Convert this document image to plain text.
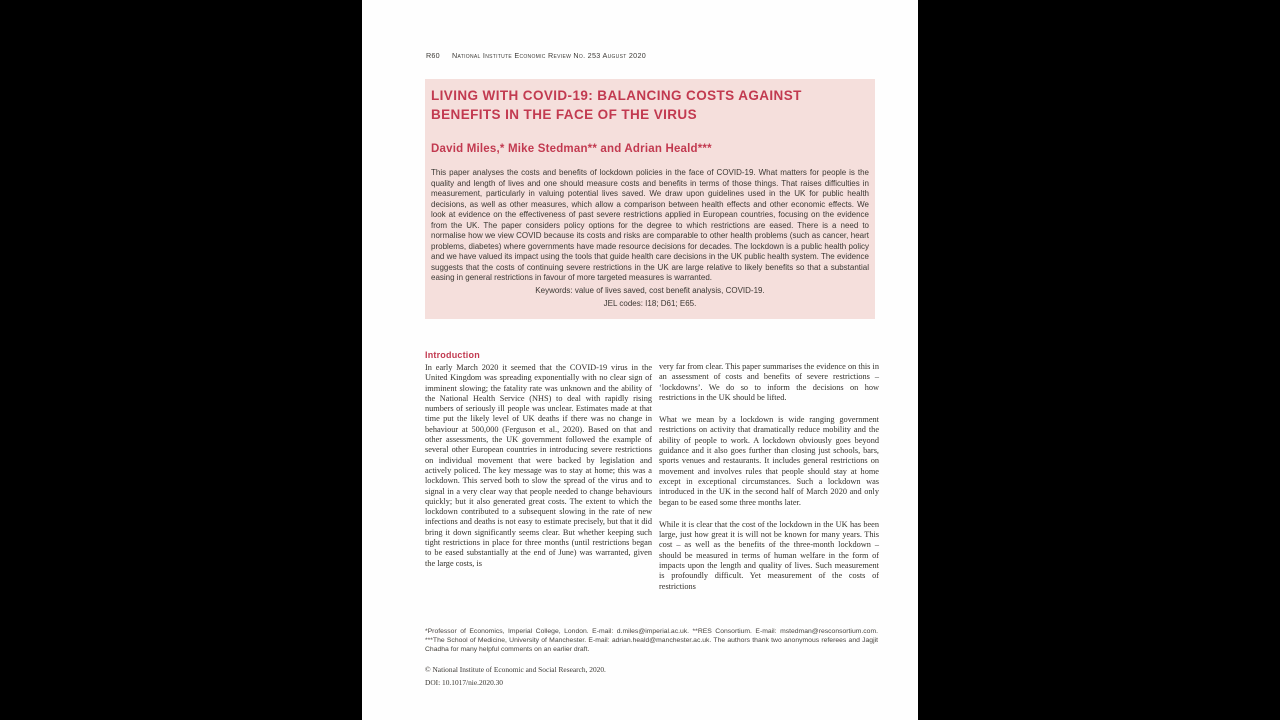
R60 National Institute Economic Review No. 253 August 2020
LIVING WITH COVID-19: BALANCING COSTS AGAINST BENEFITS IN THE FACE OF THE VIRUS
David Miles,* Mike Stedman** and Adrian Heald***

This paper analyses the costs and benefits of lockdown policies in the face of COVID-19. What matters for people is the quality and length of lives and one should measure costs and benefits in terms of those things. That raises difficulties in measurement, particularly in valuing potential lives saved. We draw upon guidelines used in the UK for public health decisions, as well as other measures, which allow a comparison between health effects and other economic effects. We look at evidence on the effectiveness of past severe restrictions applied in European countries, focusing on the evidence from the UK. The paper considers policy options for the degree to which restrictions are eased. There is a need to normalise how we view COVID because its costs and risks are comparable to other health problems (such as cancer, heart problems, diabetes) where governments have made resource decisions for decades. The lockdown is a public health policy and we have valued its impact using the tools that guide health care decisions in the UK public health system. The evidence suggests that the costs of continuing severe restrictions in the UK are large relative to likely benefits so that a substantial easing in general restrictions in favour of more targeted measures is warranted.

Keywords: value of lives saved, cost benefit analysis, COVID-19.
JEL codes: I18; D61; E65.
Introduction

In early March 2020 it seemed that the COVID-19 virus in the United Kingdom was spreading exponentially with no clear sign of imminent slowing; the fatality rate was unknown and the ability of the National Health Service (NHS) to deal with rapidly rising numbers of seriously ill people was unclear. Estimates made at that time put the likely level of UK deaths if there was no change in behaviour at 500,000 (Ferguson et al., 2020). Based on that and other assessments, the UK government followed the example of several other European countries in introducing severe restrictions on individual movement that were backed by legislation and actively policed. The key message was to stay at home; this was a lockdown. This served both to slow the spread of the virus and to signal in a very clear way that people needed to change behaviours quickly; but it also generated great costs. The extent to which the lockdown contributed to a subsequent slowing in the rate of new infections and deaths is not easy to estimate precisely, but that it did bring it down significantly seems clear. But whether keeping such tight restrictions in place for three months (until restrictions began to be eased substantially at the end of June) was warranted, given the large costs, is

very far from clear. This paper summarises the evidence on this in an assessment of costs and benefits of severe restrictions – ‘lockdowns’. We do so to inform the decisions on how restrictions in the UK should be lifted.

What we mean by a lockdown is wide ranging government restrictions on activity that dramatically reduce mobility and the ability of people to work. A lockdown obviously goes beyond guidance and it also goes further than closing just schools, bars, sports venues and restaurants. It includes general restrictions on movement and involves rules that people should stay at home except in exceptional circumstances. Such a lockdown was introduced in the UK in the second half of March 2020 and only began to be eased some three months later.

While it is clear that the cost of the lockdown in the UK has been large, just how great it is will not be known for many years. This cost – as well as the benefits of the three-month lockdown – should be measured in terms of human welfare in the form of impacts upon the length and quality of lives. Such measurement is profoundly difficult. Yet measurement of the costs of restrictions

*Professor of Economics, Imperial College, London. E-mail: d.miles@imperial.ac.uk. **RES Consortium. E-mail: mstedman@resconsortium.com. ***The School of Medicine, University of Manchester. E-mail: adrian.heald@manchester.ac.uk. The authors thank two anonymous referees and Jagjit Chadha for many helpful comments on an earlier draft.
© National Institute of Economic and Social Research, 2020.
DOI: 10.1017/nie.2020.30
